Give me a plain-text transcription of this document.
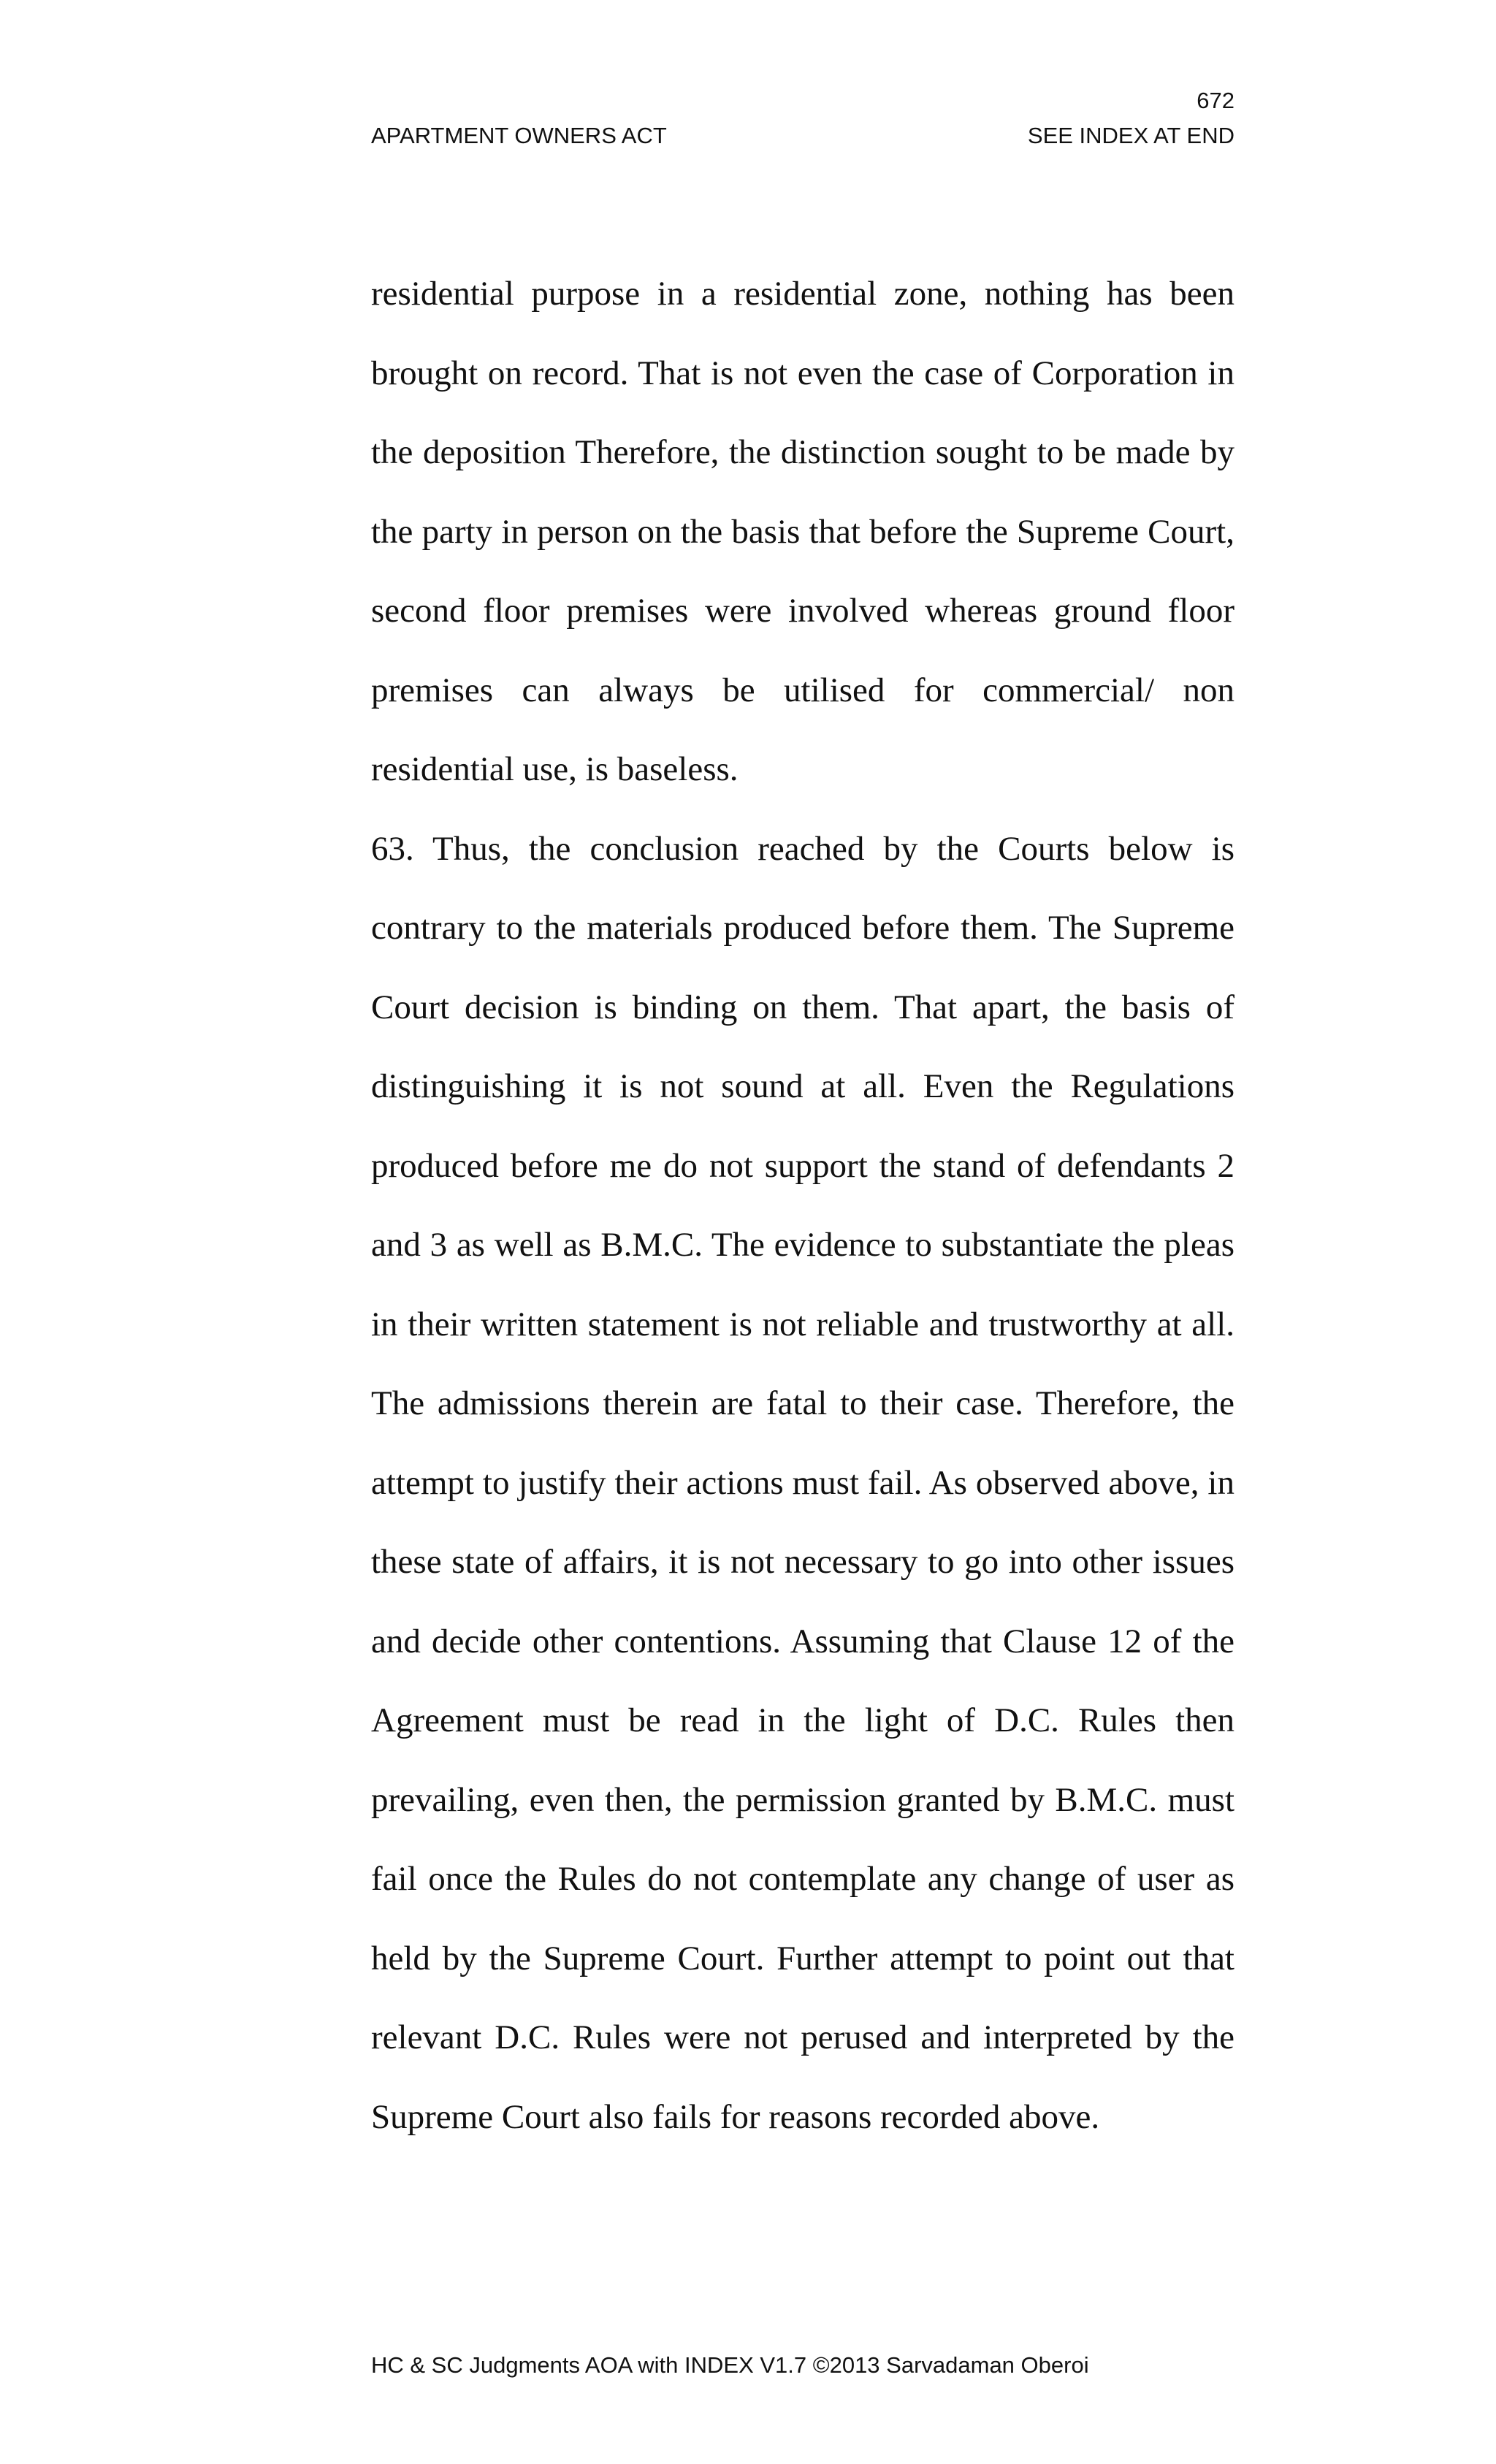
672
APARTMENT OWNERS ACT	SEE INDEX AT END

residential purpose in a residential zone, nothing has been brought on record. That is not even the case of Corporation in the deposition Therefore, the distinction sought to be made by the party in person on the basis that before the Supreme Court, second floor premises were involved whereas ground floor premises can always be utilised for commercial/ non residential use, is baseless.

63. Thus, the conclusion reached by the Courts below is contrary to the materials produced before them. The Supreme Court decision is binding on them. That apart, the basis of distinguishing it is not sound at all. Even the Regulations produced before me do not support the stand of defendants 2 and 3 as well as B.M.C. The evidence to substantiate the pleas in their written statement is not reliable and trustworthy at all. The admissions therein are fatal to their case. Therefore, the attempt to justify their actions must fail. As observed above, in these state of affairs, it is not necessary to go into other issues and decide other contentions. Assuming that Clause 12 of the Agreement must be read in the light of D.C. Rules then prevailing, even then, the permission granted by B.M.C. must fail once the Rules do not contemplate any change of user as held by the Supreme Court. Further attempt to point out that relevant D.C. Rules were not perused and interpreted by the Supreme Court also fails for reasons recorded above.

HC & SC Judgments AOA with INDEX V1.7 ©2013 Sarvadaman Oberoi
